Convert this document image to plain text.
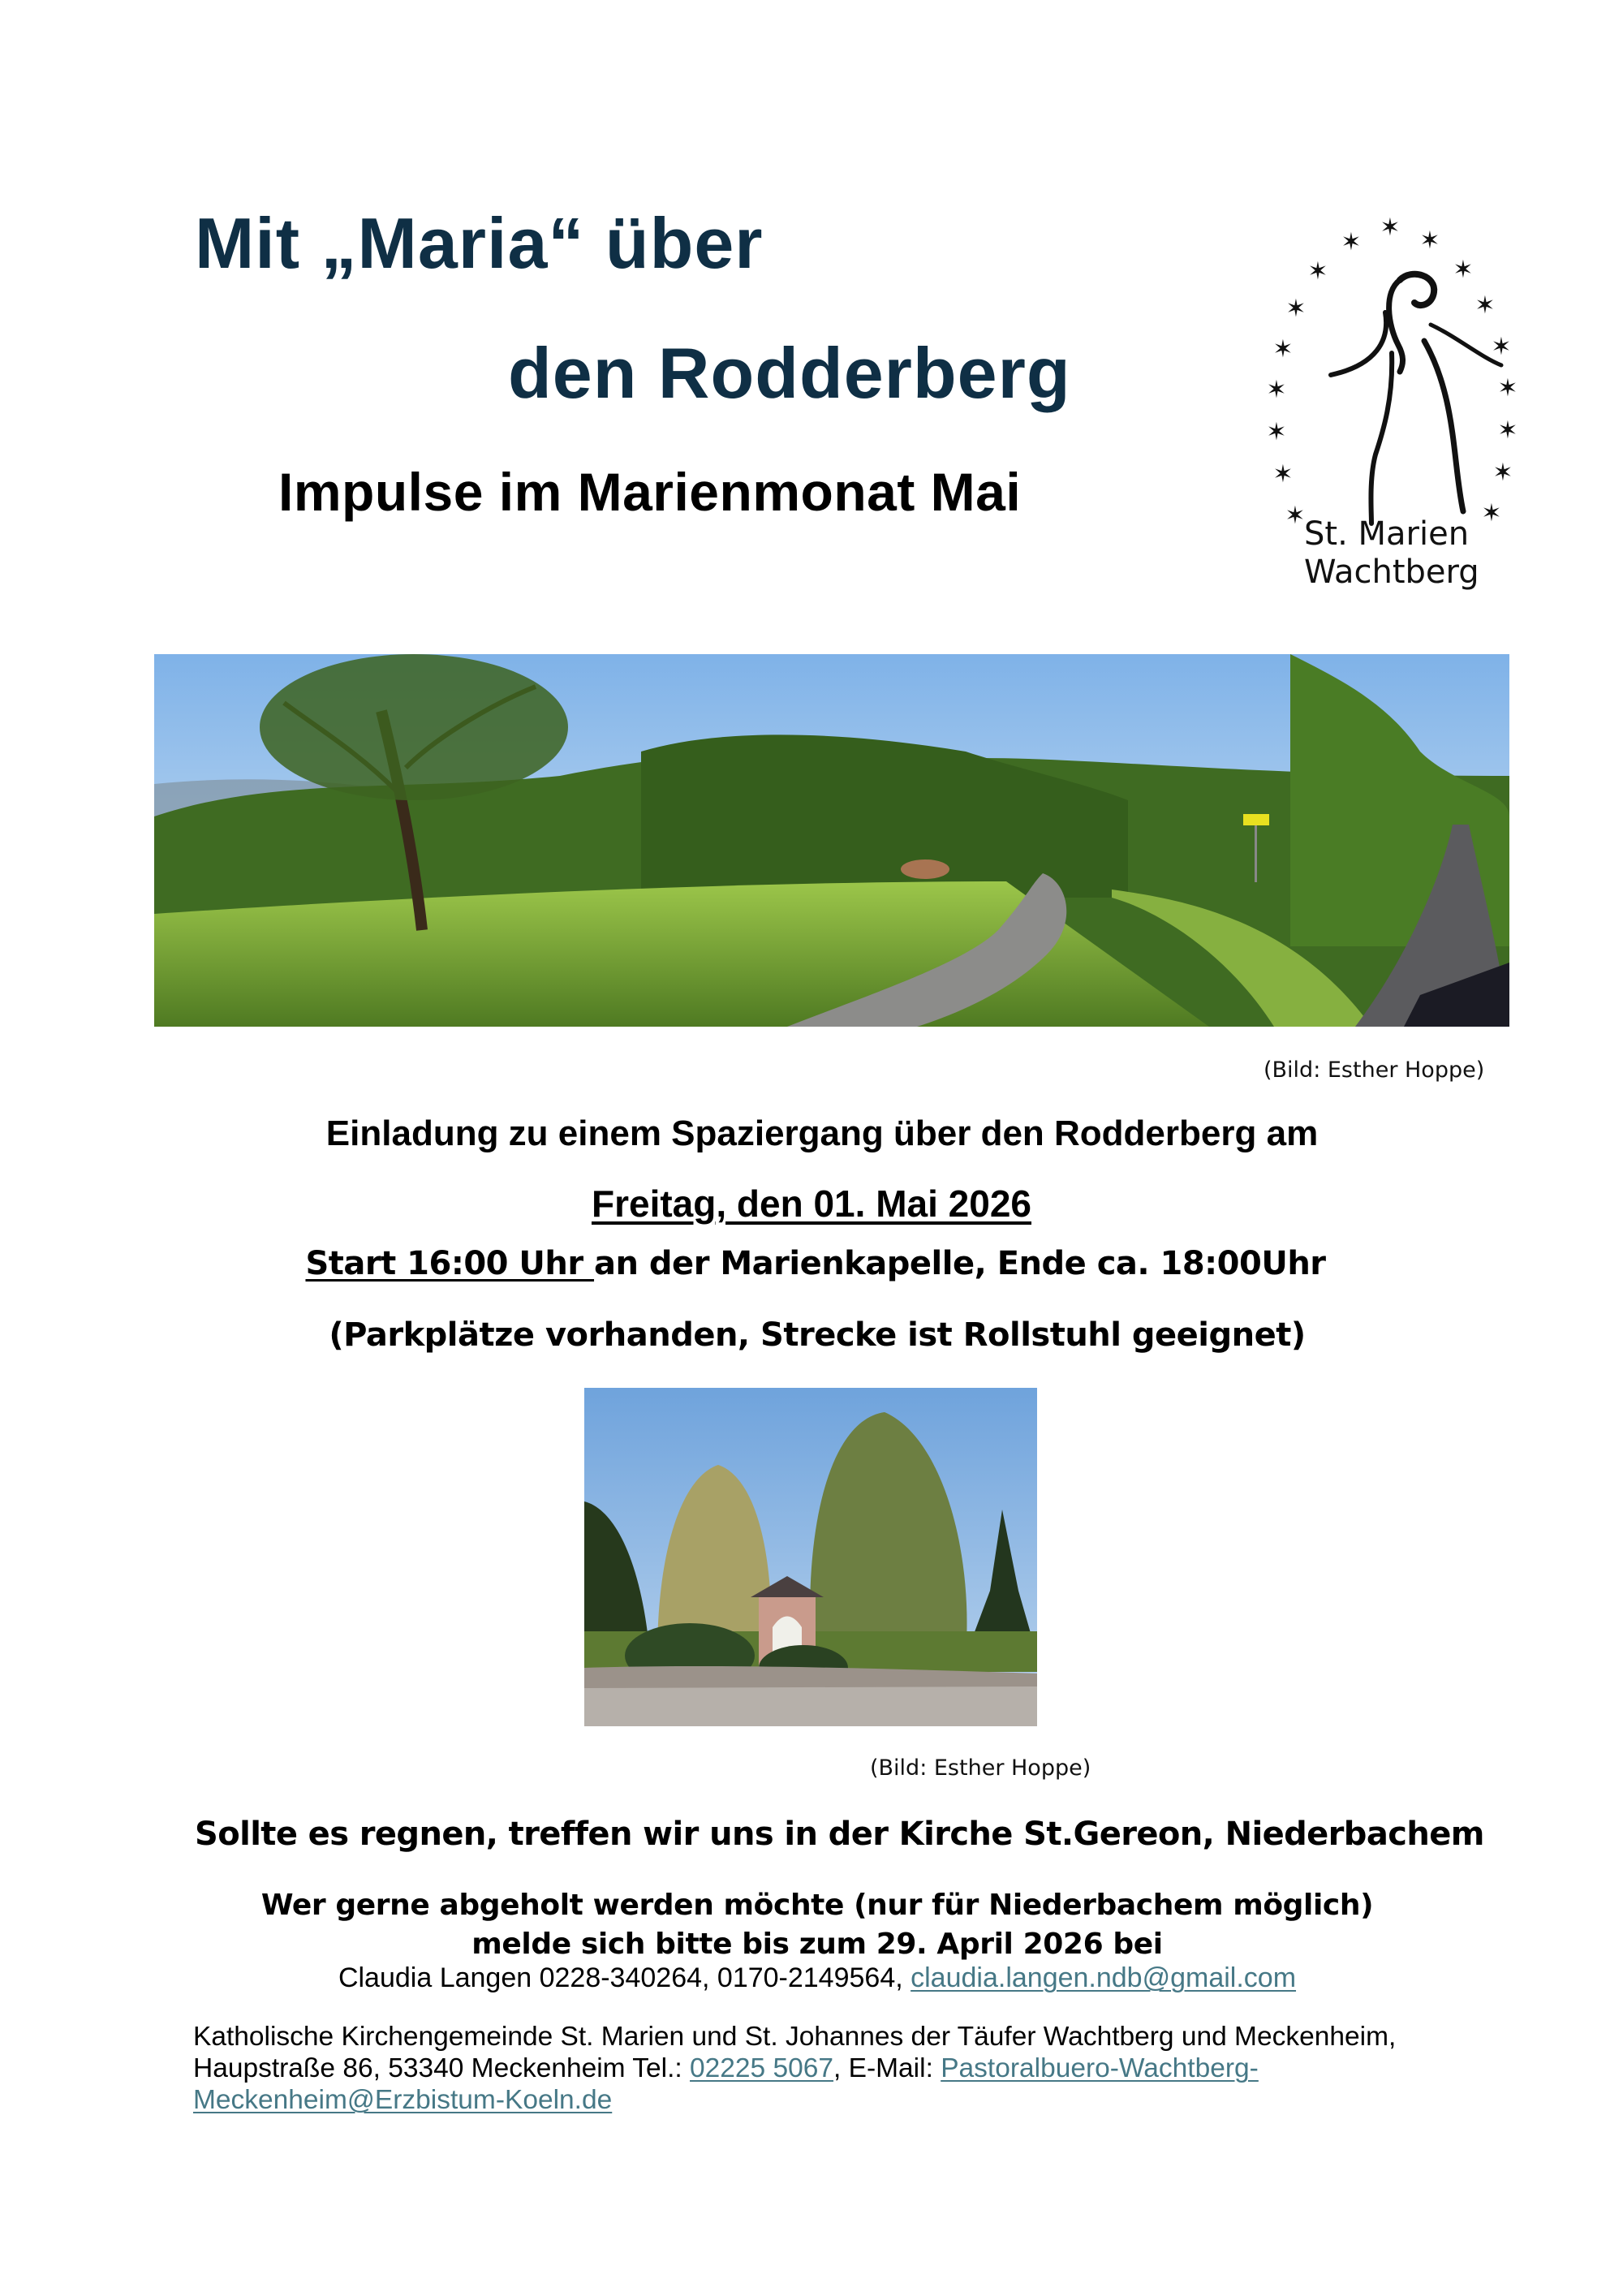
Mit „Maria“ über
den Rodderberg
Impulse im Marienmonat Mai
✶
✶ ✶
✶	✶
✶	✶
✶	✶
✶	✶
✶	✶
✶	✶
✶	✶
St. Marien
Wachtberg
(Bild: Esther Hoppe)
Einladung zu einem Spaziergang über den Rodderberg am
Freitag, den 01. Mai 2026
Start 16:00 Uhr an der Marienkapelle, Ende ca. 18:00Uhr
(Parkplätze vorhanden, Strecke ist Rollstuhl geeignet)
(Bild: Esther Hoppe)
Sollte es regnen, treffen wir uns in der Kirche St.Gereon, Niederbachem
Wer gerne abgeholt werden möchte (nur für Niederbachem möglich)
melde sich bitte bis zum 29. April 2026 bei
Claudia Langen 0228-340264, 0170-2149564, claudia.langen.ndb@gmail.com
Katholische Kirchengemeinde St. Marien und St. Johannes der Täufer Wachtberg und Meckenheim,
Haupstraße 86, 53340 Meckenheim Tel.: 02225 5067, E-Mail: Pastoralbuero-Wachtberg-
Meckenheim@Erzbistum-Koeln.de
